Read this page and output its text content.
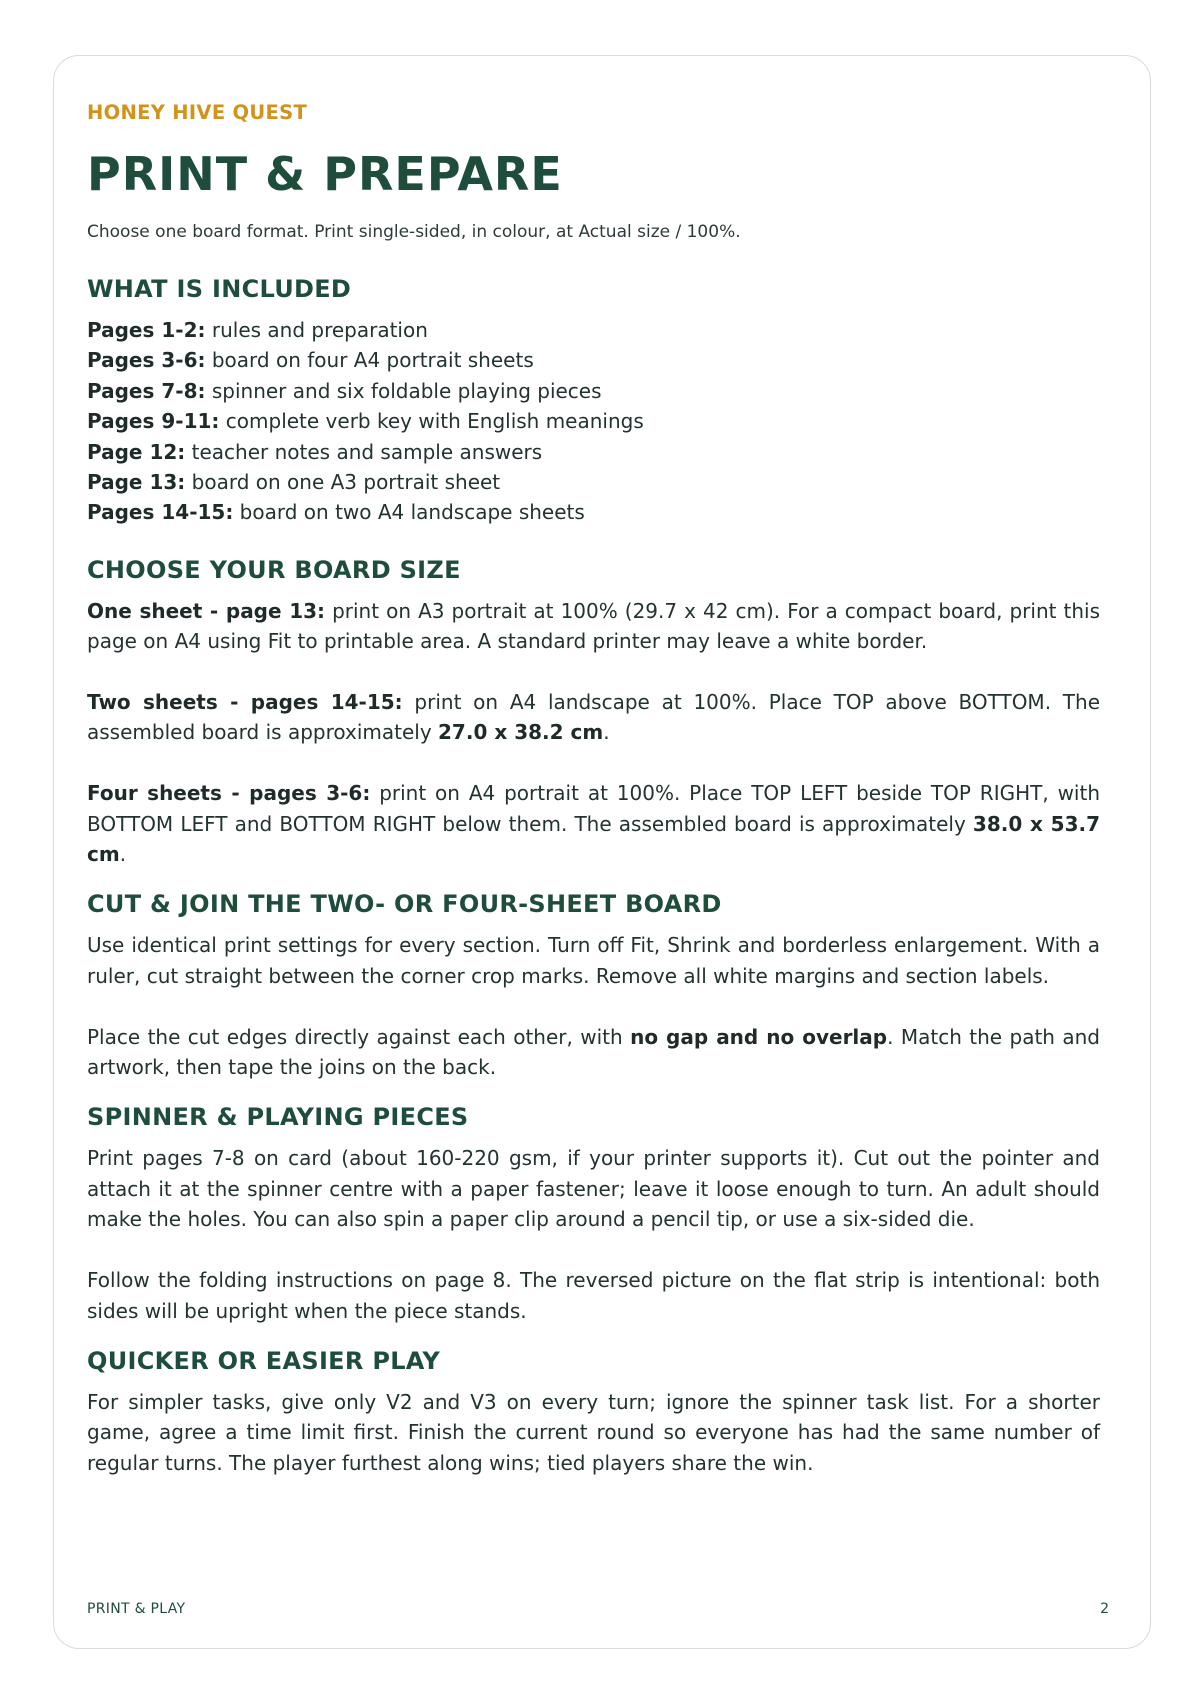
HONEY HIVE QUEST

PRINT & PREPARE

Choose one board format. Print single-sided, in colour, at Actual size / 100%.

WHAT IS INCLUDED
Pages 1-2: rules and preparation
Pages 3-6: board on four A4 portrait sheets
Pages 7-8: spinner and six foldable playing pieces
Pages 9-11: complete verb key with English meanings
Page 12: teacher notes and sample answers
Page 13: board on one A3 portrait sheet
Pages 14-15: board on two A4 landscape sheets
CHOOSE YOUR BOARD SIZE

One sheet - page 13: print on A3 portrait at 100% (29.7 x 42 cm). For a compact board, print this page on A4 using Fit to printable area. A standard printer may leave a white border.

Two sheets - pages 14-15: print on A4 landscape at 100%. Place TOP above BOTTOM. The assembled board is approximately 27.0 x 38.2 cm.

Four sheets - pages 3-6: print on A4 portrait at 100%. Place TOP LEFT beside TOP RIGHT, with BOTTOM LEFT and BOTTOM RIGHT below them. The assembled board is approximately 38.0 x 53.7 cm.

CUT & JOIN THE TWO- OR FOUR-SHEET BOARD

Use identical print settings for every section. Turn off Fit, Shrink and borderless enlargement. With a ruler, cut straight between the corner crop marks. Remove all white margins and section labels.

Place the cut edges directly against each other, with no gap and no overlap. Match the path and artwork, then tape the joins on the back.

SPINNER & PLAYING PIECES

Print pages 7-8 on card (about 160-220 gsm, if your printer supports it). Cut out the pointer and attach it at the spinner centre with a paper fastener; leave it loose enough to turn. An adult should make the holes. You can also spin a paper clip around a pencil tip, or use a six-sided die.

Follow the folding instructions on page 8. The reversed picture on the flat strip is intentional: both sides will be upright when the piece stands.

QUICKER OR EASIER PLAY

For simpler tasks, give only V2 and V3 on every turn; ignore the spinner task list. For a shorter game, agree a time limit first. Finish the current round so everyone has had the same number of regular turns. The player furthest along wins; tied players share the win.

PRINT & PLAY	2
